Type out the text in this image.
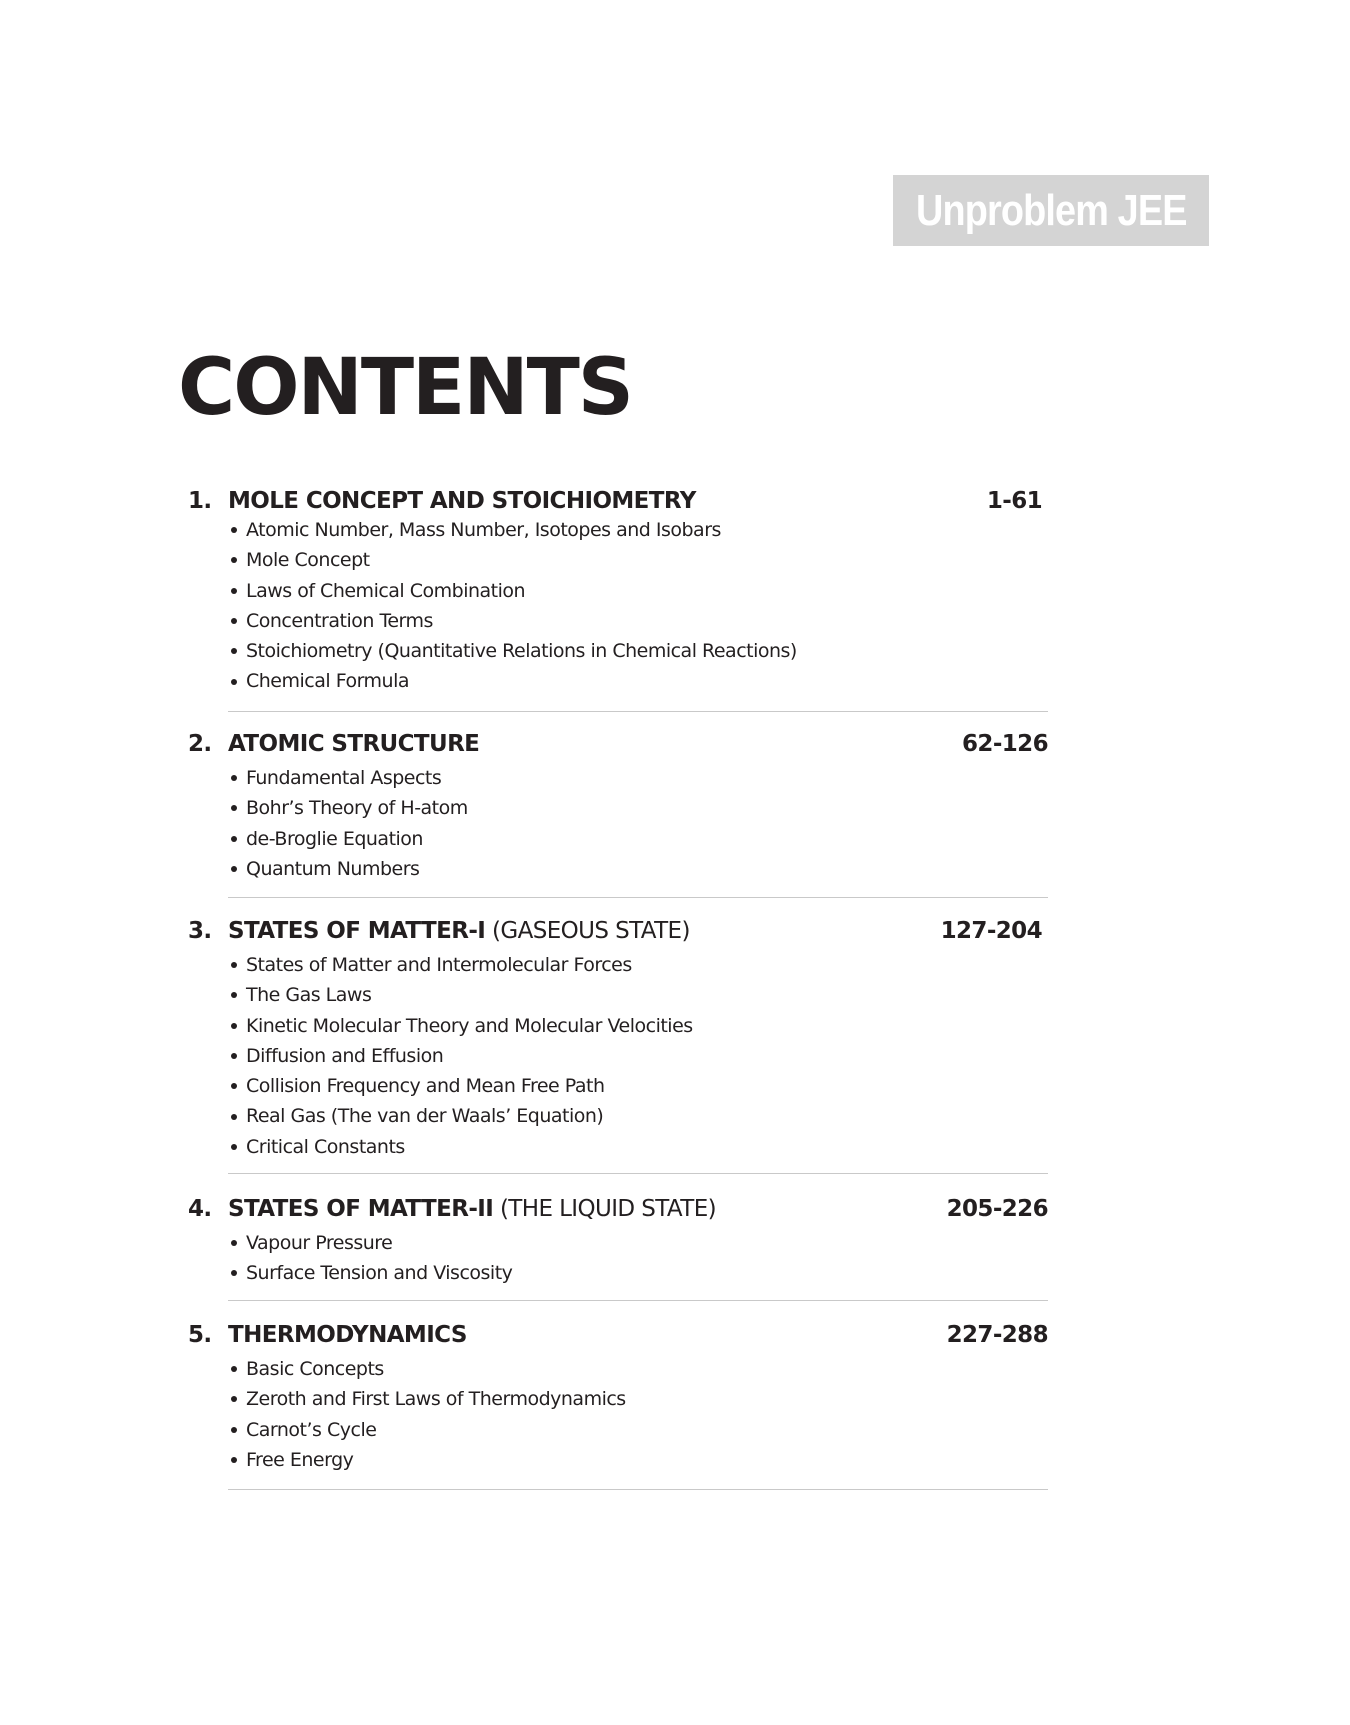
Unproblem JEE
CONTENTS
1. MOLE CONCEPT AND STOICHIOMETRY	1-61
Atomic Number, Mass Number, Isotopes and Isobars
Mole Concept
Laws of Chemical Combination
Concentration Terms
Stoichiometry (Quantitative Relations in Chemical Reactions)
Chemical Formula
2. ATOMIC STRUCTURE	62-126
Fundamental Aspects
Bohr’s Theory of H-atom
de-Broglie Equation
Quantum Numbers
3. STATES OF MATTER-I (GASEOUS STATE)	127-204
States of Matter and Intermolecular Forces
The Gas Laws
Kinetic Molecular Theory and Molecular Velocities
Diffusion and Effusion
Collision Frequency and Mean Free Path
Real Gas (The van der Waals’ Equation)
Critical Constants
4. STATES OF MATTER-II (THE LIQUID STATE)	205-226
Vapour Pressure
Surface Tension and Viscosity
5. THERMODYNAMICS	227-288
Basic Concepts
Zeroth and First Laws of Thermodynamics
Carnot’s Cycle
Free Energy
